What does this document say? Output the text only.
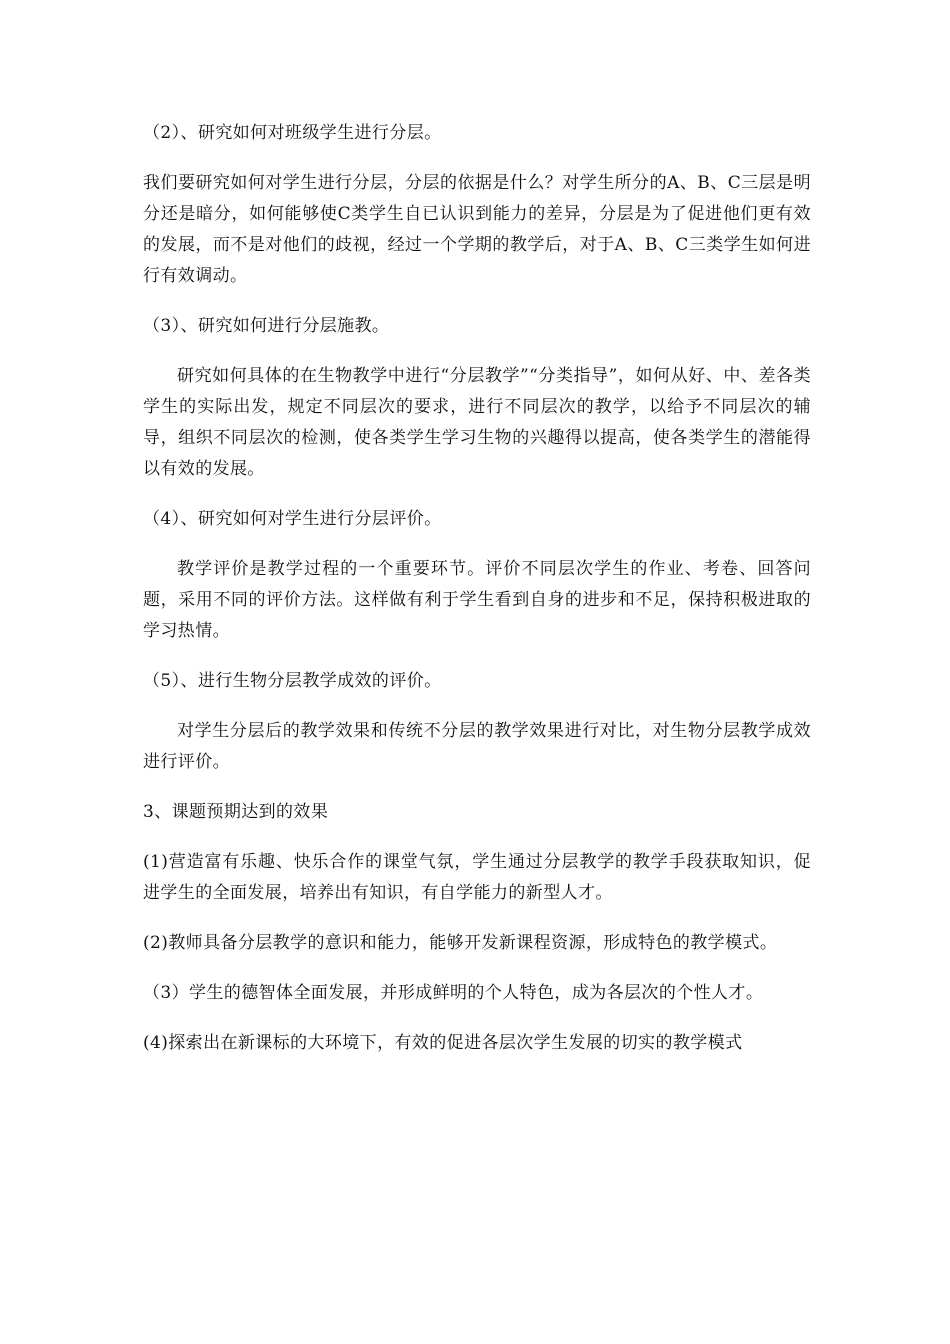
（2）、研究如何对班级学生进行分层。

我们要研究如何对学生进行分层，分层的依据是什么？对学生所分的A、B、C三层是明分还是暗分，如何能够使C类学生自已认识到能力的差异，分层是为了促进他们更有效的发展，而不是对他们的歧视，经过一个学期的教学后，对于A、B、C三类学生如何进行有效调动。

（3）、研究如何进行分层施教。

研究如何具体的在生物教学中进行“分层教学”“分类指导”，如何从好、中、差各类学生的实际出发，规定不同层次的要求，进行不同层次的教学，以给予不同层次的辅导，组织不同层次的检测，使各类学生学习生物的兴趣得以提高，使各类学生的潜能得以有效的发展。

（4）、研究如何对学生进行分层评价。

教学评价是教学过程的一个重要环节。评价不同层次学生的作业、考卷、回答问题，采用不同的评价方法。这样做有利于学生看到自身的进步和不足，保持积极进取的学习热情。

（5）、进行生物分层教学成效的评价。

对学生分层后的教学效果和传统不分层的教学效果进行对比，对生物分层教学成效进行评价。

3、课题预期达到的效果

(1)营造富有乐趣、快乐合作的课堂气氛，学生通过分层教学的教学手段获取知识，促进学生的全面发展，培养出有知识，有自学能力的新型人才。

(2)教师具备分层教学的意识和能力，能够开发新课程资源，形成特色的教学模式。

（3）学生的德智体全面发展，并形成鲜明的个人特色，成为各层次的个性人才。

(4)探索出在新课标的大环境下，有效的促进各层次学生发展的切实的教学模式
